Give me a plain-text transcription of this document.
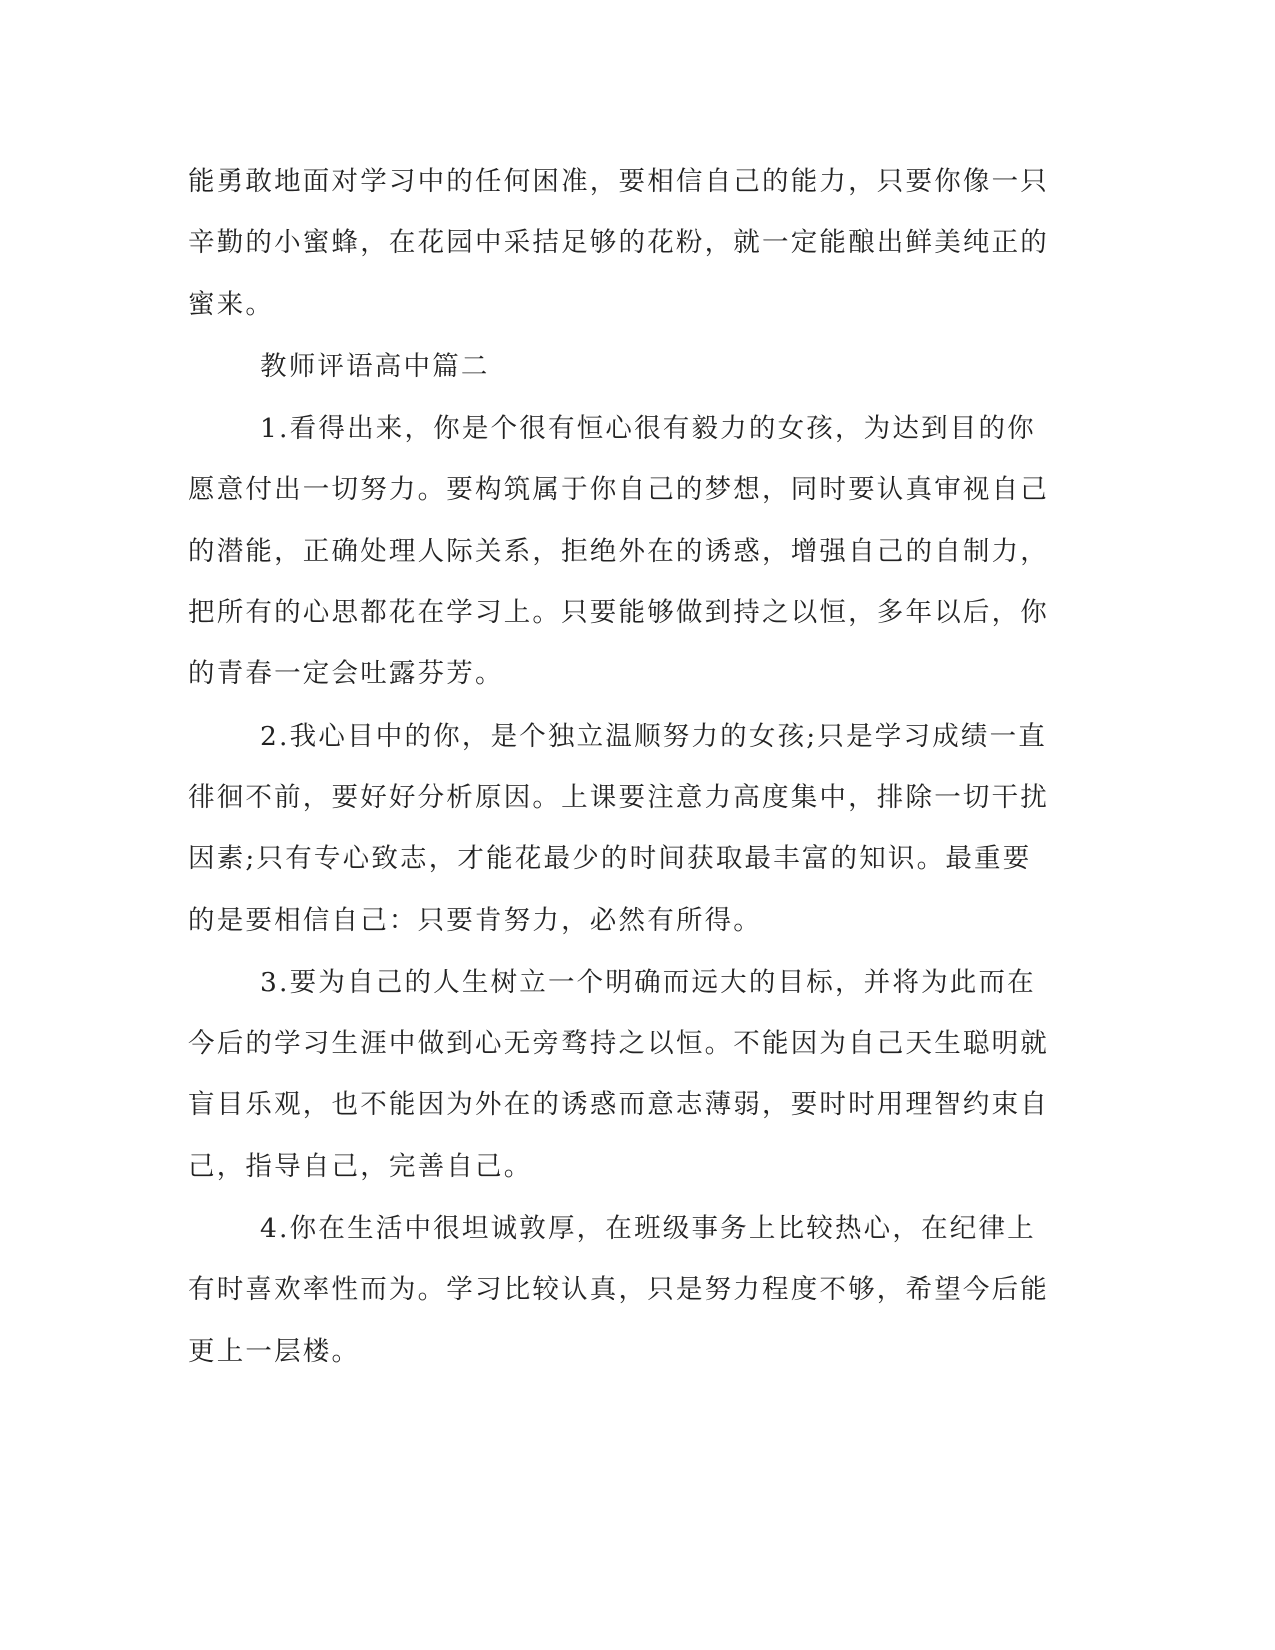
能勇敢地面对学习中的任何困准，要相信自己的能力，只要你像一只辛勤的小蜜蜂，在花园中采拮足够的花粉，就一定能酿出鲜美纯正的蜜来。

教师评语高中篇二

1.看得出来，你是个很有恒心很有毅力的女孩，为达到目的你愿意付出一切努力。要构筑属于你自己的梦想，同时要认真审视自己的潜能，正确处理人际关系，拒绝外在的诱惑，增强自己的自制力，把所有的心思都花在学习上。只要能够做到持之以恒，多年以后，你的青春一定会吐露芬芳。

2.我心目中的你，是个独立温顺努力的女孩;只是学习成绩一直徘徊不前，要好好分析原因。上课要注意力高度集中，排除一切干扰因素;只有专心致志，才能花最少的时间获取最丰富的知识。最重要的是要相信自己：只要肯努力，必然有所得。

3.要为自己的人生树立一个明确而远大的目标，并将为此而在今后的学习生涯中做到心无旁骛持之以恒。不能因为自己天生聪明就盲目乐观，也不能因为外在的诱惑而意志薄弱，要时时用理智约束自己，指导自己，完善自己。

4.你在生活中很坦诚敦厚，在班级事务上比较热心，在纪律上有时喜欢率性而为。学习比较认真，只是努力程度不够，希望今后能更上一层楼。
